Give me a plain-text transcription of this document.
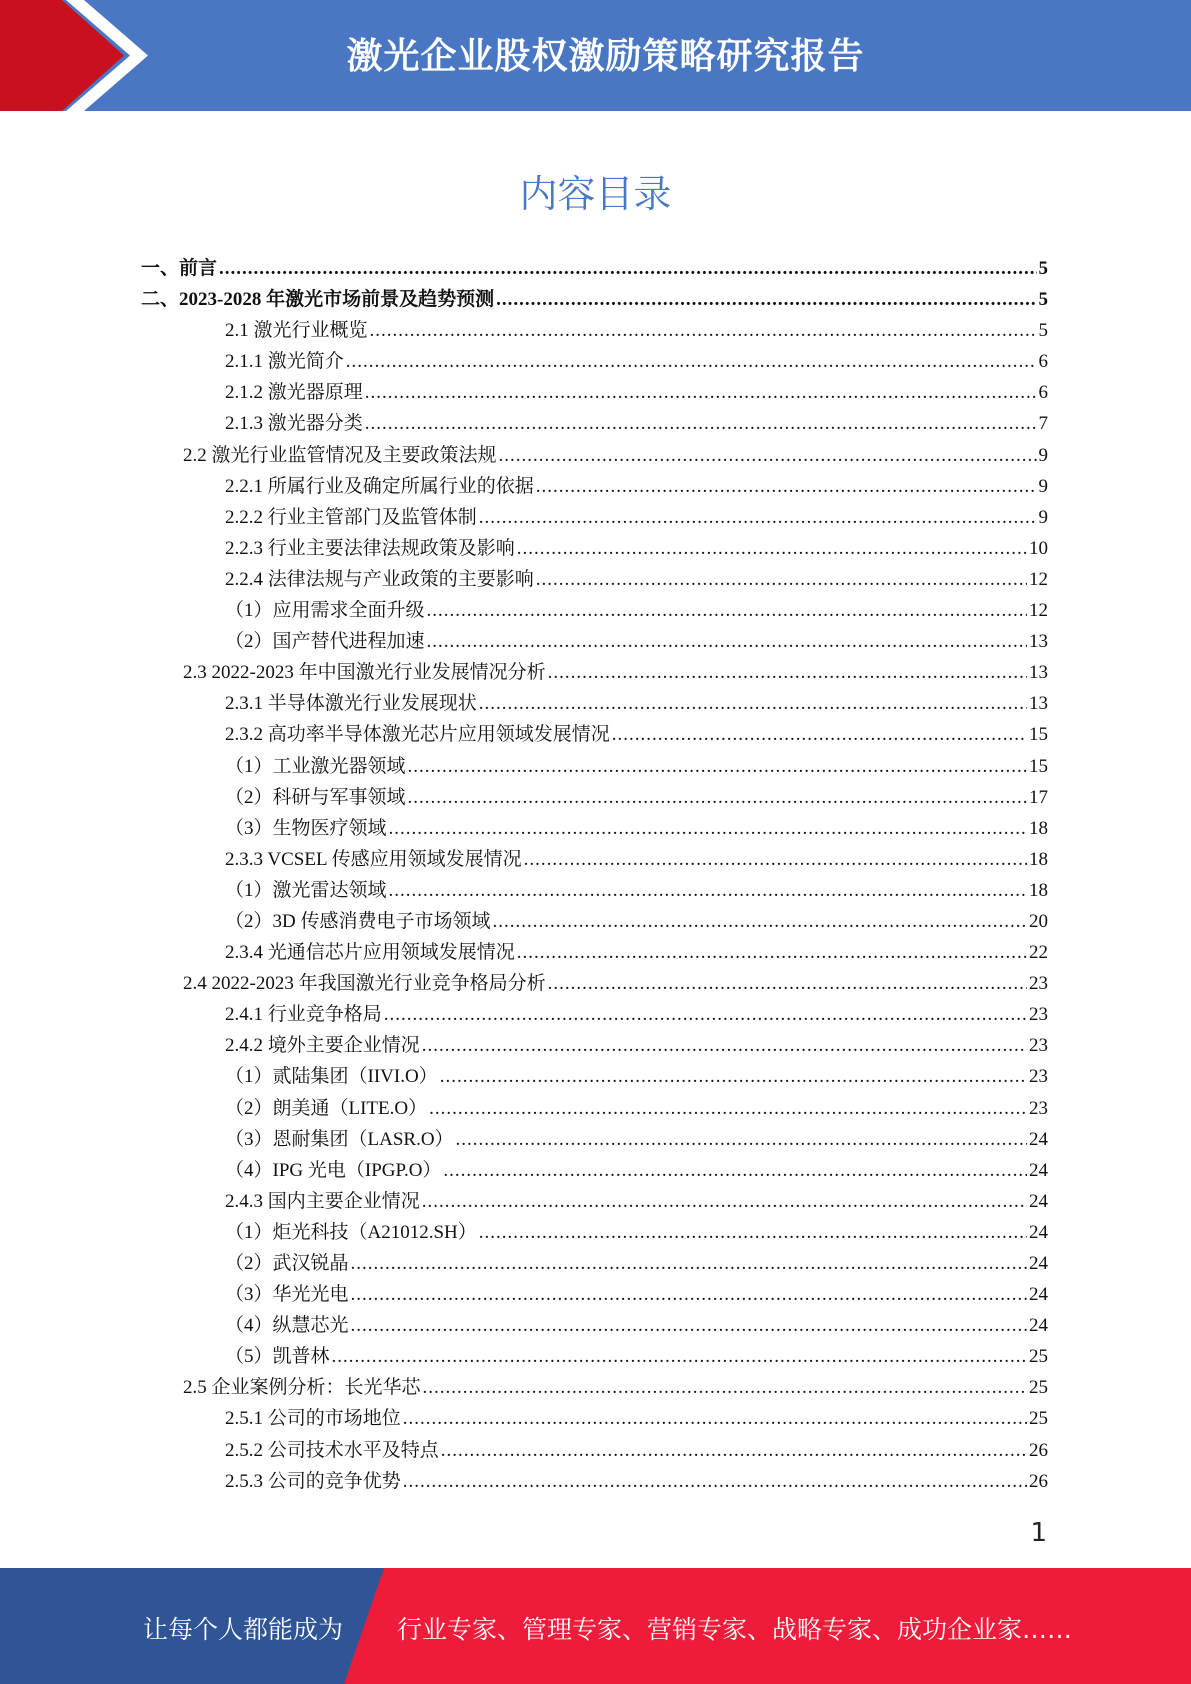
激光企业股权激励策略研究报告
内容目录
一、前言 .....	5
二、2023-2028 年激光市场前景及趋势预测 .....	5
2.1 激光行业概览 .....	5
2.1.1 激光简介 .....	6
2.1.2 激光器原理 .....	6
2.1.3 激光器分类 .....	7
2.2 激光行业监管情况及主要政策法规 .....	9
2.2.1 所属行业及确定所属行业的依据 .....	9
2.2.2 行业主管部门及监管体制 .....	9
2.2.3 行业主要法律法规政策及影响 .....	10
2.2.4 法律法规与产业政策的主要影响 .....	12
（1）应用需求全面升级 .....	12
（2）国产替代进程加速 .....	13
2.3 2022-2023 年中国激光行业发展情况分析 .....	13
2.3.1 半导体激光行业发展现状 .....	13
2.3.2 高功率半导体激光芯片应用领域发展情况 .....	15
（1）工业激光器领域 .....	15
（2）科研与军事领域 .....	17
（3）生物医疗领域 .....	18
2.3.3 VCSEL 传感应用领域发展情况 .....	18
（1）激光雷达领域 .....	18
（2）3D 传感消费电子市场领域 .....	20
2.3.4 光通信芯片应用领域发展情况 .....	22
2.4 2022-2023 年我国激光行业竞争格局分析 .....	23
2.4.1 行业竞争格局 .....	23
2.4.2 境外主要企业情况 .....	23
（1）贰陆集团（IIVI.O） .....	23
（2）朗美通（LITE.O） .....	23
（3）恩耐集团（LASR.O） .....	24
（4）IPG 光电（IPGP.O） .....	24
2.4.3 国内主要企业情况 .....	24
（1）炬光科技（A21012.SH） .....	24
（2）武汉锐晶 .....	24
（3）华光光电 .....	24
（4）纵慧芯光 .....	24
（5）凯普林 .....	25
2.5 企业案例分析：长光华芯 .....	25
2.5.1 公司的市场地位 .....	25
2.5.2 公司技术水平及特点 .....	26
2.5.3 公司的竞争优势 .....	26
1
让每个人都能成为 行业专家、管理专家、营销专家、战略专家、成功企业家……
